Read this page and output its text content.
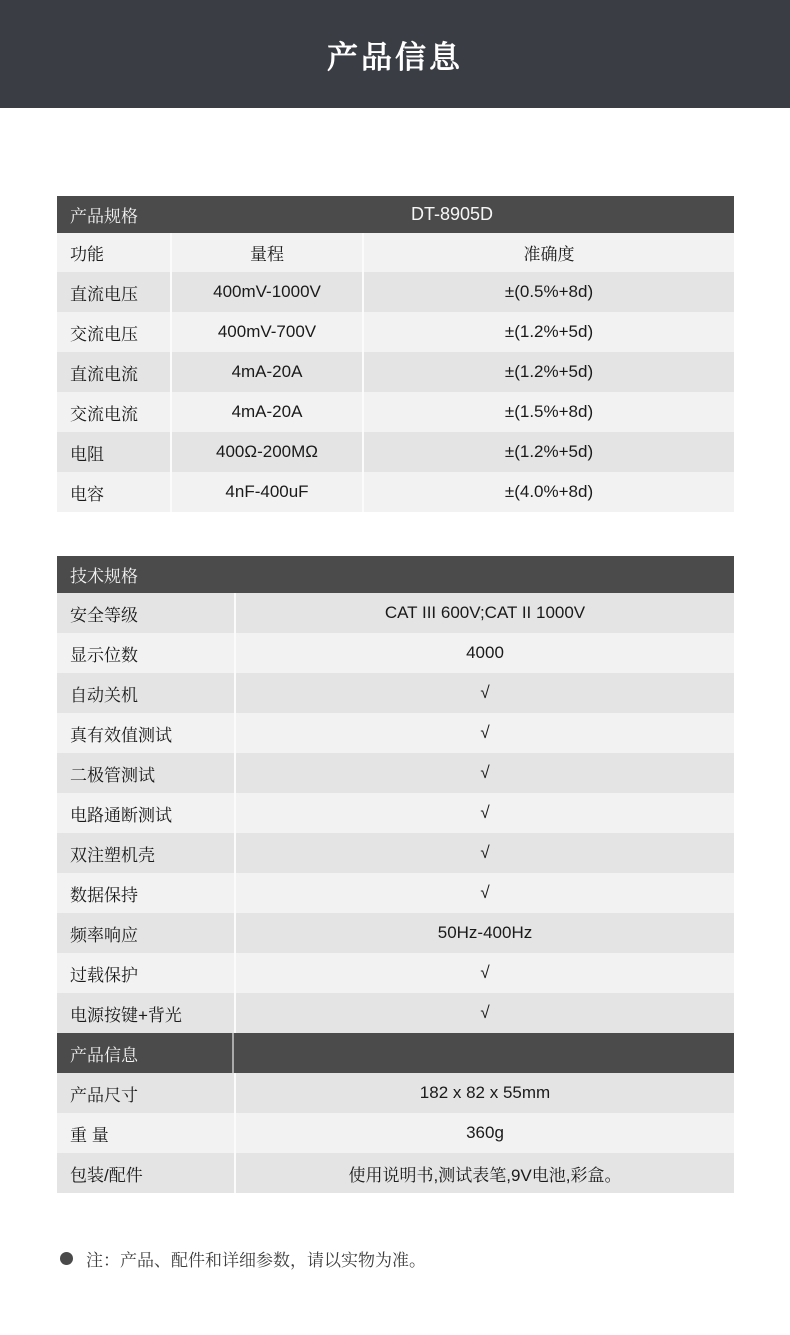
产品信息
产品规格	DT-8905D
功能	量程	准确度
直流电压	400mV-1000V	±(0.5%+8d)
交流电压	400mV-700V	±(1.2%+5d)
直流电流	4mA-20A	±(1.2%+5d)
交流电流	4mA-20A	±(1.5%+8d)
电阻	400Ω-200MΩ	±(1.2%+5d)
电容	4nF-400uF	±(4.0%+8d)
技术规格
安全等级	CAT III 600V;CAT II 1000V
显示位数	4000
自动关机	√
真有效值测试	√
二极管测试	√
电路通断测试	√
双注塑机壳	√
数据保持	√
频率响应	50Hz-400Hz
过载保护	√
电源按键+背光	√
产品信息
产品尺寸	182 x 82 x 55mm
重 量	360g
包装/配件	使用说明书,测试表笔,9V电池,彩盒。
注：产品、配件和详细参数，请以实物为准。
